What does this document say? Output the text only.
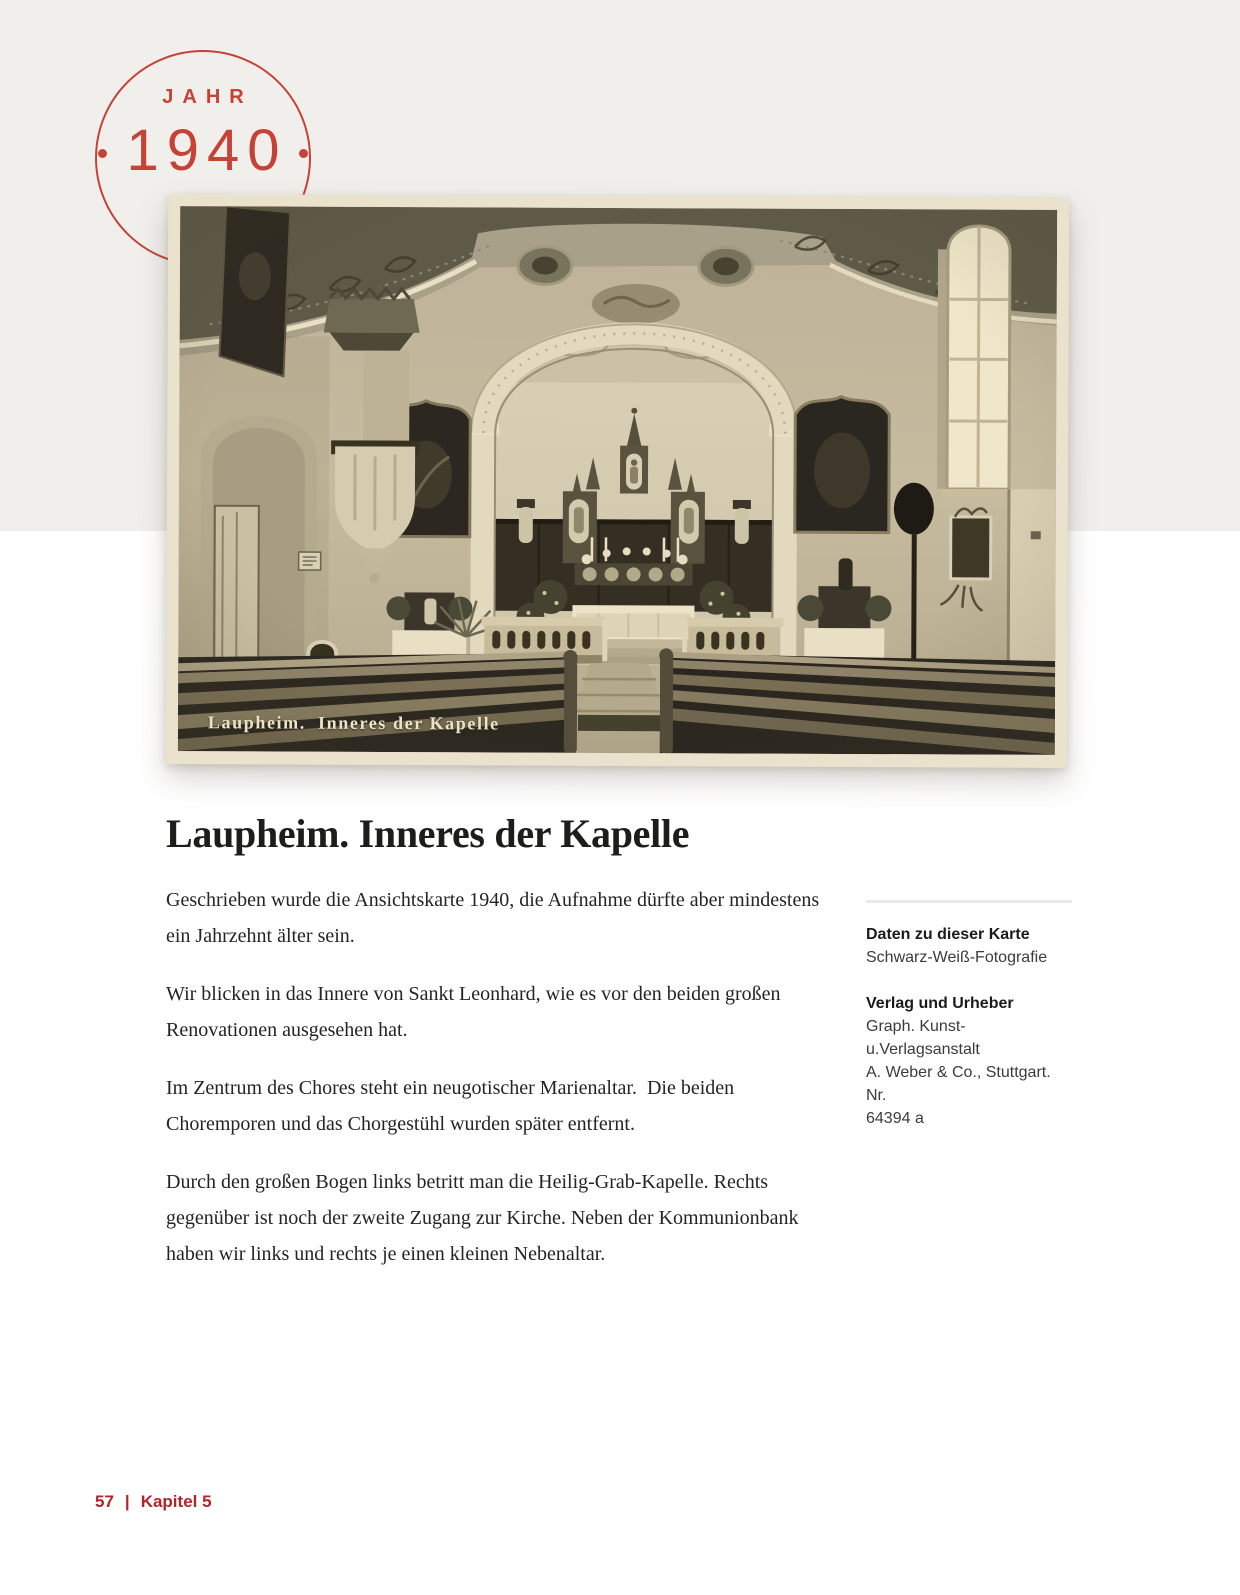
JAHR
1940
Laupheim.  Inneres der Kapelle
Laupheim. Inneres der Kapelle

Geschrieben wurde die Ansichtskarte 1940, die Aufnahme dürfte aber mindestens ein Jahrzehnt älter sein.

Wir blicken in das Innere von Sankt Leonhard, wie es vor den beiden großen Renovationen ausgesehen hat.

Im Zentrum des Chores steht ein neugotischer Marienaltar.  Die beiden Choremporen und das Chorgestühl wurden später entfernt.

Durch den großen Bogen links betritt man die Heilig-Grab-Kapelle. Rechts gegenüber ist noch der zweite Zugang zur Kirche. Neben der Kommunionbank haben wir links und rechts je einen kleinen Nebenaltar.

Daten zu dieser Karte
Schwarz-Weiß-Fotografie
Verlag und Urheber
Graph. Kunst-u.Verlagsanstalt
A. Weber & Co., Stuttgart. Nr.
64394 a
57 | Kapitel 5
